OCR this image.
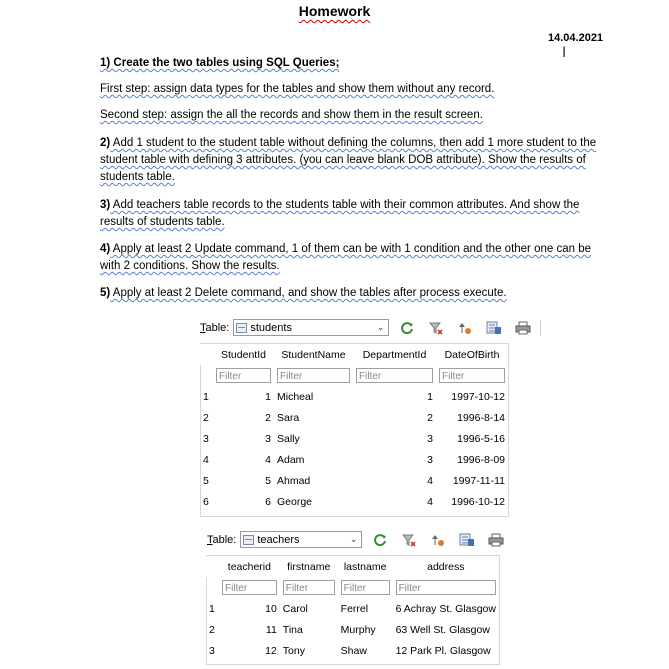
Homework
14.04.2021
I
1) Create the two tables using SQL Queries;
First step: assign data types for the tables and show them without any record.
Second step: assign the all the records and show them in the result screen.
2) Add 1 student to the student table without defining the columns, then add 1 more student to the student table with defining 3 attributes. (you can leave blank DOB attribute). Show the results of students table.
3) Add teachers table records to the students table with their common attributes. And show the results of students table.
4) Apply at least 2 Update command, 1 of them can be with 1 condition and the other one can be with 2 conditions. Show the results.
5) Apply at least 2 Delete command, and show the tables after process execute.
Table: students	⌄
	StudentId	StudentName	DepartmentId	DateOfBirth

	Filter	Filter	Filter	Filter

1	1	Micheal	1	1997-10-12
2	2	Sara	2	1996-8-14
3	3	Sally	3	1996-5-16
4	4	Adam	3	1996-8-09
5	5	Ahmad	4	1997-11-11
6	6	George	4	1996-10-12
Table: teachers	⌄
	teacherid	firstname	lastname	address

	Filter	Filter	Filter	Filter

1	10	Carol	Ferrel	6 Achray St. Glasgow
2	11	Tina	Murphy	63 Well St. Glasgow
3	12	Tony	Shaw	12 Park Pl. Glasgow
